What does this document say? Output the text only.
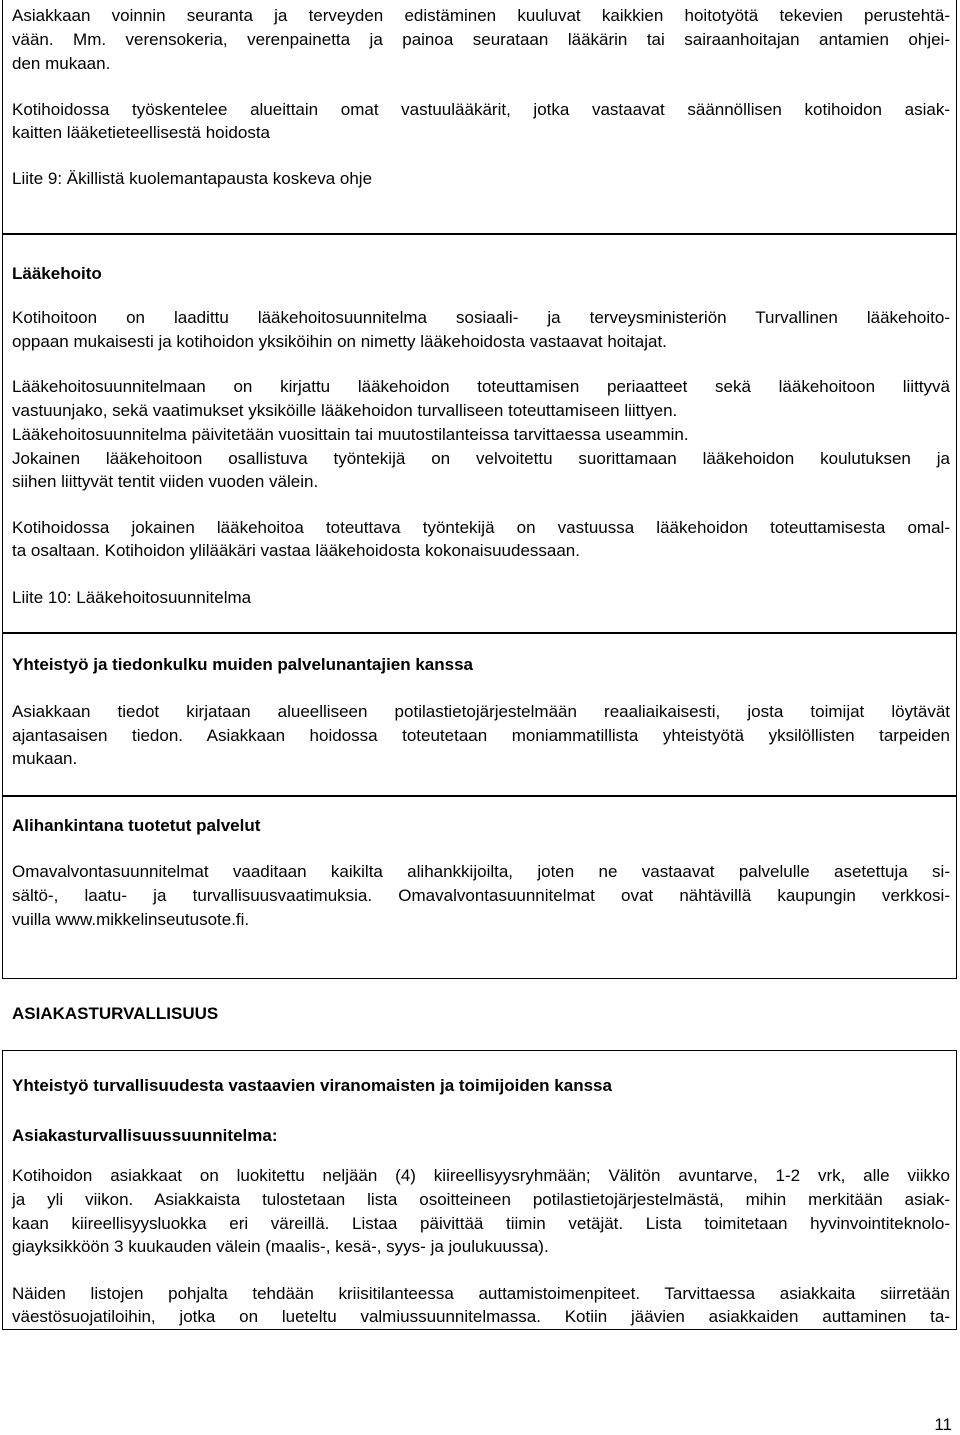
Asiakkaan voinnin seuranta ja terveyden edistäminen kuuluvat kaikkien hoitotyötä tekevien perustehtä-

vään. Mm. verensokeria, verenpainetta ja painoa seurataan lääkärin tai sairaanhoitajan antamien ohjei-

den mukaan.

Kotihoidossa työskentelee alueittain omat vastuulääkärit, jotka vastaavat säännöllisen kotihoidon asiak-

kaitten lääketieteellisestä hoidosta

Liite 9: Äkillistä kuolemantapausta koskeva ohje

Lääkehoito

Kotihoitoon on laadittu lääkehoitosuunnitelma sosiaali- ja terveysministeriön Turvallinen lääkehoito-

oppaan mukaisesti ja kotihoidon yksiköihin on nimetty lääkehoidosta vastaavat hoitajat.

Lääkehoitosuunnitelmaan on kirjattu lääkehoidon toteuttamisen periaatteet sekä lääkehoitoon liittyvä

vastuunjako, sekä vaatimukset yksiköille lääkehoidon turvalliseen toteuttamiseen liittyen.

Lääkehoitosuunnitelma päivitetään vuosittain tai muutostilanteissa tarvittaessa useammin.

Jokainen lääkehoitoon osallistuva työntekijä on velvoitettu suorittamaan lääkehoidon koulutuksen ja

siihen liittyvät tentit viiden vuoden välein.

Kotihoidossa jokainen lääkehoitoa toteuttava työntekijä on vastuussa lääkehoidon toteuttamisesta omal-

ta osaltaan. Kotihoidon ylilääkäri vastaa lääkehoidosta kokonaisuudessaan.

Liite 10: Lääkehoitosuunnitelma

Yhteistyö ja tiedonkulku muiden palvelunantajien kanssa

Asiakkaan tiedot kirjataan alueelliseen potilastietojärjestelmään reaaliaikaisesti, josta toimijat löytävät

ajantasaisen tiedon. Asiakkaan hoidossa toteutetaan moniammatillista yhteistyötä yksilöllisten tarpeiden

mukaan.

Alihankintana tuotetut palvelut

Omavalvontasuunnitelmat vaaditaan kaikilta alihankkijoilta, joten ne vastaavat palvelulle asetettuja si-

sältö-, laatu- ja turvallisuusvaatimuksia. Omavalvontasuunnitelmat ovat nähtävillä kaupungin verkkosi-

vuilla www.mikkelinseutusote.fi.

ASIAKASTURVALLISUUS

Yhteistyö turvallisuudesta vastaavien viranomaisten ja toimijoiden kanssa

Asiakasturvallisuussuunnitelma:

Kotihoidon asiakkaat on luokitettu neljään (4) kiireellisyysryhmään; Välitön avuntarve, 1-2 vrk, alle viikko

ja yli viikon. Asiakkaista tulostetaan lista osoitteineen potilastietojärjestelmästä, mihin merkitään asiak-

kaan kiireellisyysluokka eri väreillä. Listaa päivittää tiimin vetäjät. Lista toimitetaan hyvinvointiteknolo-

giayksikköön 3 kuukauden välein (maalis-, kesä-, syys- ja joulukuussa).

Näiden listojen pohjalta tehdään kriisitilanteessa auttamistoimenpiteet. Tarvittaessa asiakkaita siirretään

väestösuojatiloihin, jotka on lueteltu valmiussuunnitelmassa. Kotiin jäävien asiakkaiden auttaminen ta-

11
